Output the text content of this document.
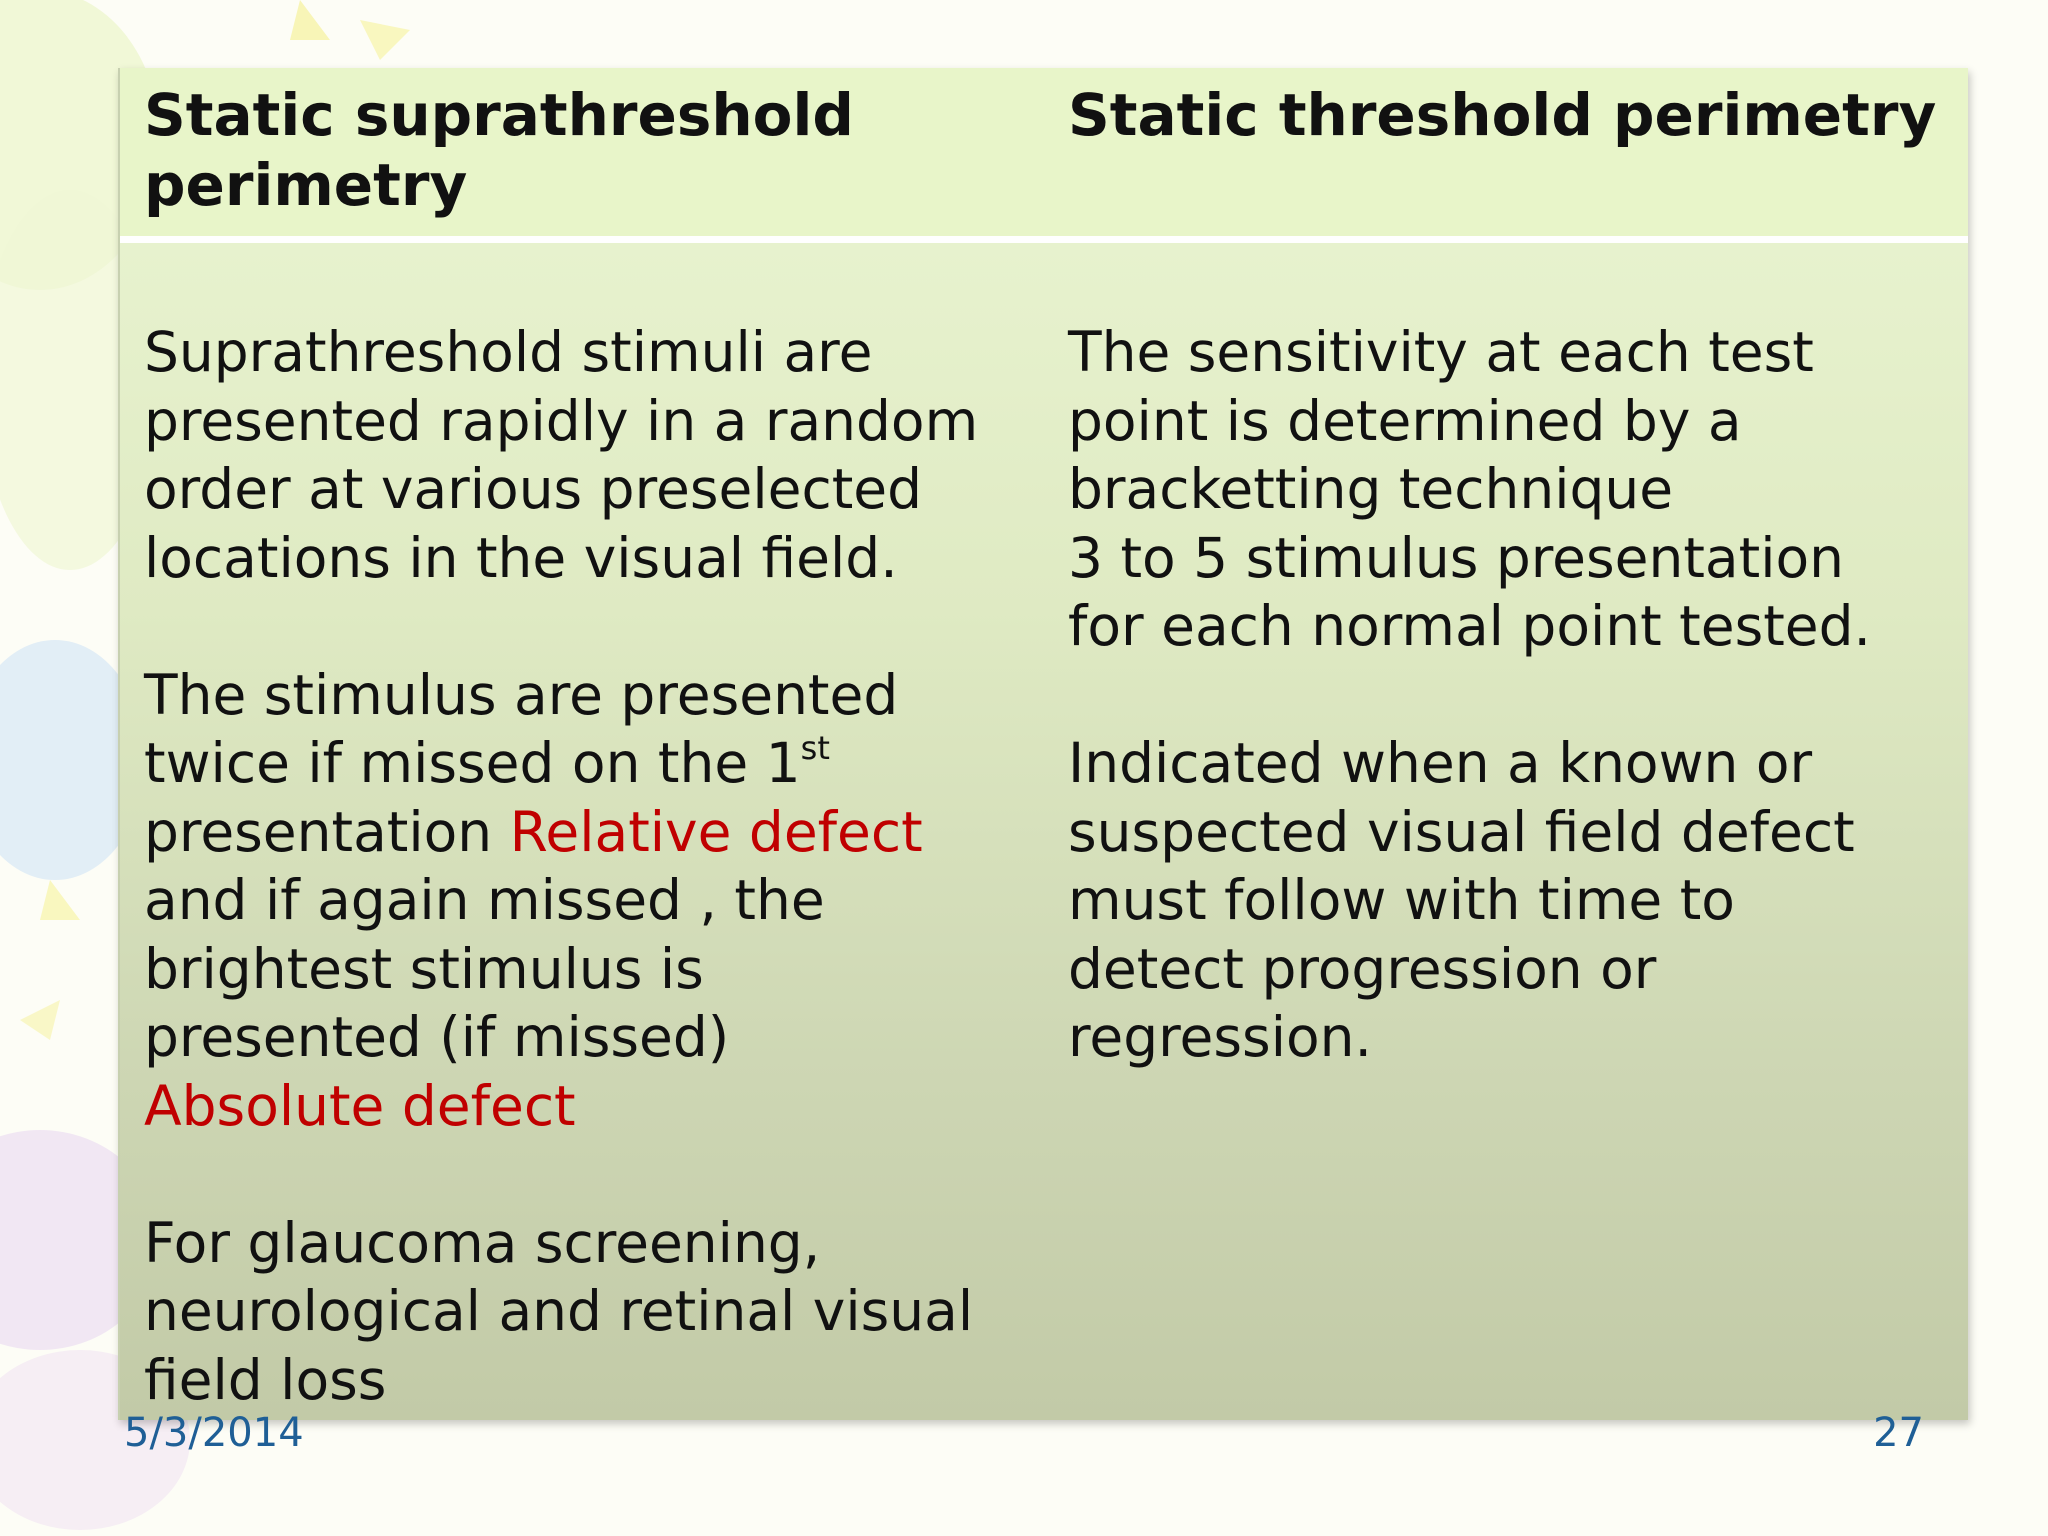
Static suprathreshold
perimetry
Static threshold perimetry
Suprathreshold stimuli are
presented rapidly in a random
order at various preselected
locations in the visual field.
The stimulus are presented
twice if missed on the 1st
presentation Relative defect
and if again missed , the
brightest stimulus is
presented (if missed)
Absolute defect
For glaucoma screening,
neurological and retinal visual
field loss
The sensitivity at each test
point is determined by a
bracketting technique
3 to 5 stimulus presentation
for each normal point tested.
Indicated when a known or
suspected visual field defect
must follow with time to
detect progression or
regression.
5/3/2014	27
